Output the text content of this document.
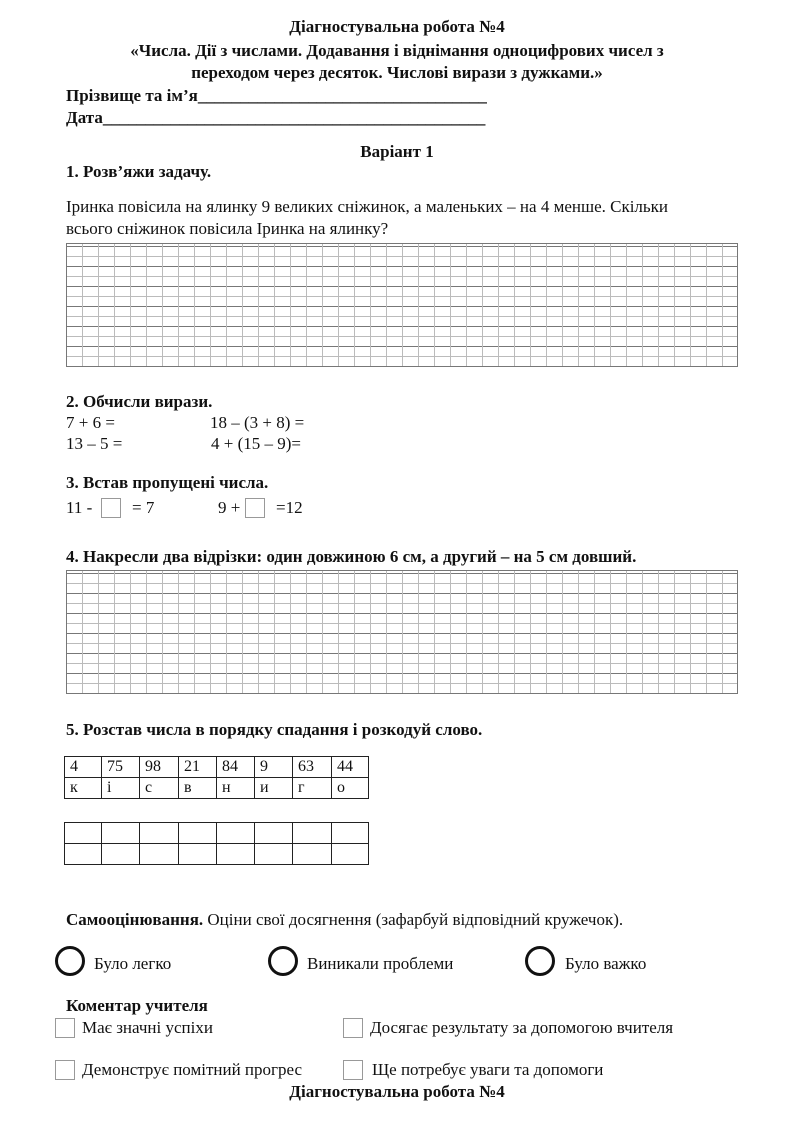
Діагностувальна робота №4
«Числа. Дії з числами. Додавання і віднімання одноцифрових чисел з
переходом через десяток. Числові вирази з дужками.»
Прізвище та ім’я__________________________________
Дата_____________________________________________
Варіант 1
1. Розв’яжи задачу.
Іринка повісила на ялинку 9 великих сніжинок, а маленьких – на 4 менше. Скільки
всього сніжинок повісила Іринка на ялинку?
2. Обчисли вирази.
7 + 6 =	18 – (3 + 8) =
13 – 5 =	4 + (15 – 9)=
3. Встав пропущені числа.
11 - = 7	9 + =12
4. Накресли два відрізки: один довжиною 6 см, а другий – на 5 см довший.
5. Розстав числа в порядку спадання і розкодуй слово.
4	75	98	21	84	9	63	44
к	і	с	в	н	и	г	о

Самооцінювання. Оціни свої досягнення (зафарбуй відповідний кружечок).
Було легко	Виникали проблеми	Було важко
Коментар учителя
Має значні успіхи	Досягає результату за допомогою вчителя
Демонструє помітний прогрес	Ще потребує уваги та допомоги
Діагностувальна робота №4
